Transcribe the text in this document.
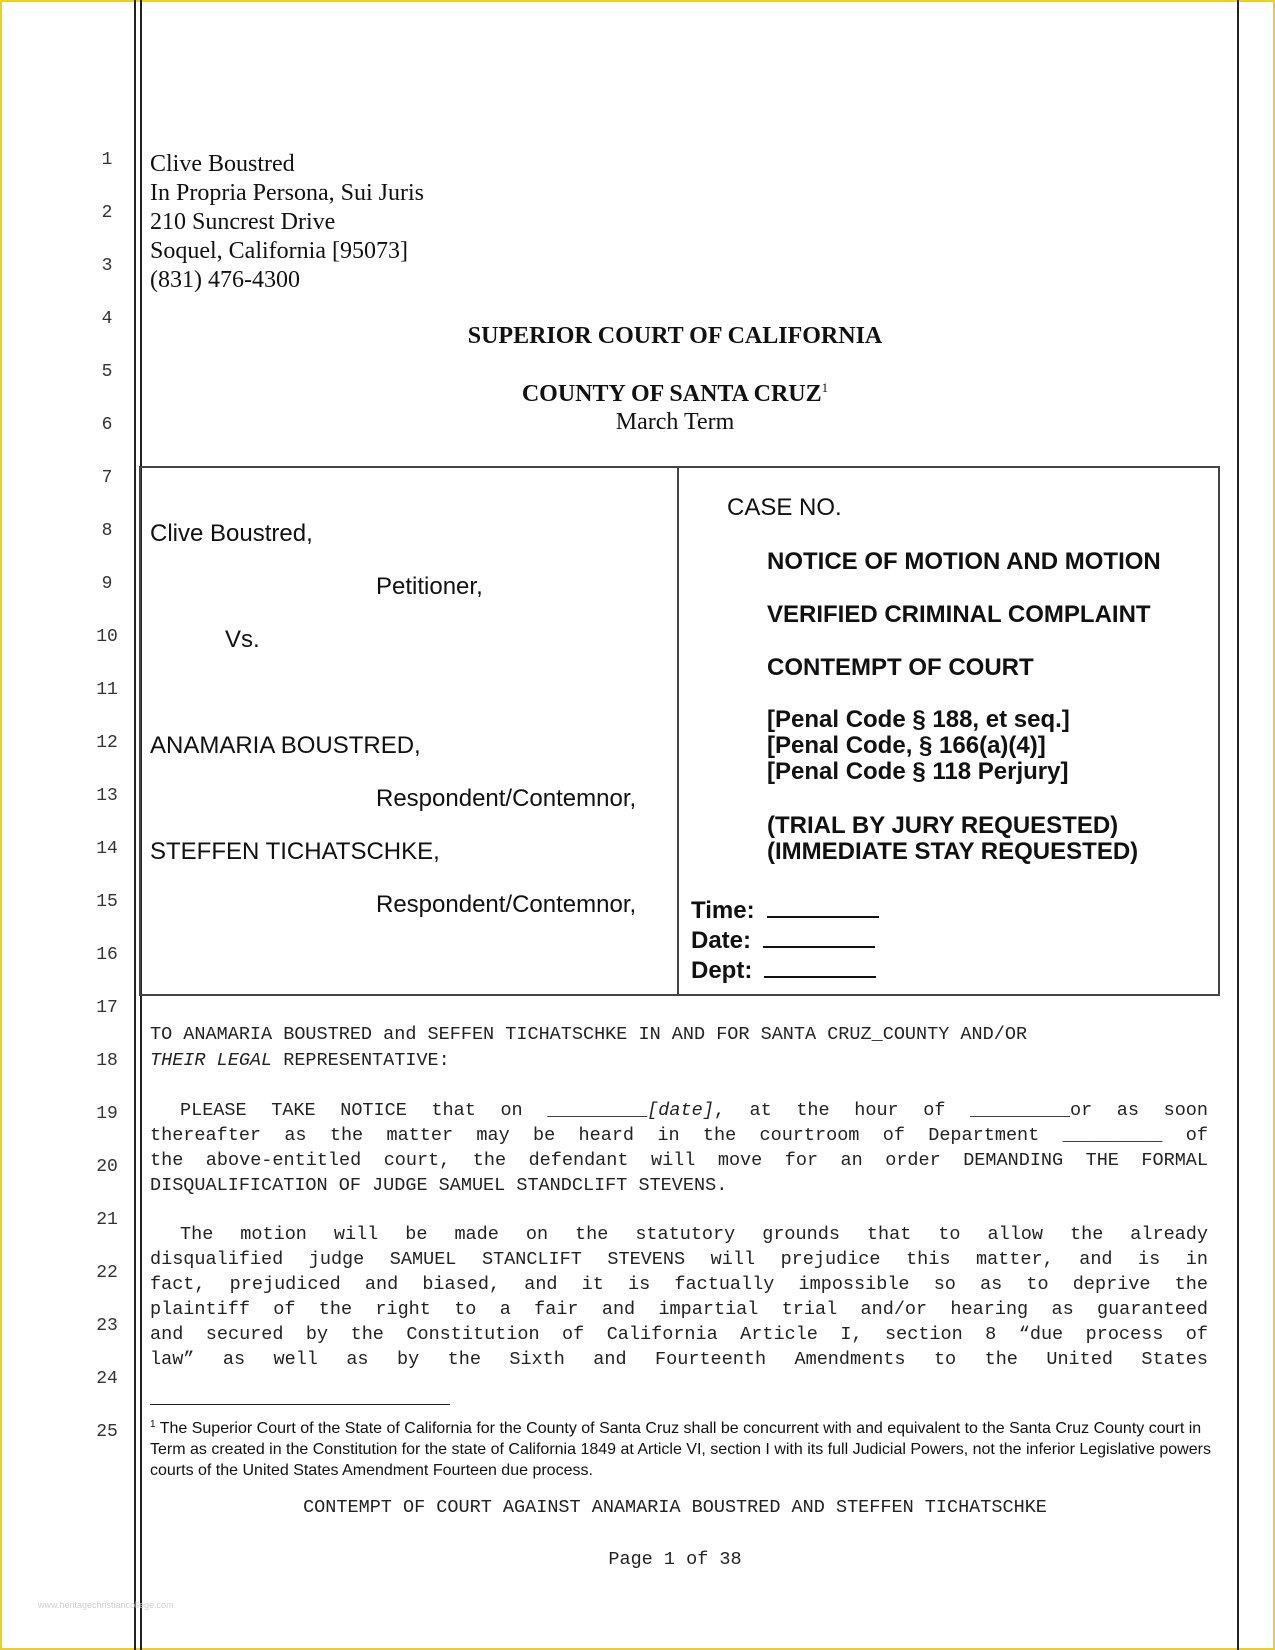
1
2
3
4
5
6
7
8
9
10
11
12
13
14
15
16
17
18
19
20
21
22
23
24
25
Clive Boustred
In Propria Persona, Sui Juris
210 Suncrest Drive
Soquel, California [95073]
(831) 476-4300
SUPERIOR COURT OF CALIFORNIA
COUNTY OF SANTA CRUZ$^1$
March Term
Clive Boustred,
Petitioner,
Vs.
ANAMARIA BOUSTRED,
Respondent/Contemnor,
STEFFEN TICHATSCHKE,
Respondent/Contemnor,
CASE NO.
NOTICE OF MOTION AND MOTION
VERIFIED CRIMINAL COMPLAINT
CONTEMPT OF COURT
[Penal Code § 188, et seq.]
[Penal Code, § 166(a)(4)]
[Penal Code § 118 Perjury]
(TRIAL BY JURY REQUESTED)
(IMMEDIATE STAY REQUESTED)
Time:
Date:
Dept:
TO ANAMARIA BOUSTRED and SEFFEN TICHATSCHKE IN AND FOR SANTA CRUZ_COUNTY AND/OR
THEIR LEGAL REPRESENTATIVE:
PLEASE TAKE NOTICE that on _________[date], at the hour of _________or as soon
thereafter as the matter may be heard in the courtroom of Department _________ of
the above-entitled court, the defendant will move for an order DEMANDING THE FORMAL
DISQUALIFICATION OF JUDGE SAMUEL STANDCLIFT STEVENS.
The motion will be made on the statutory grounds that to allow the already
disqualified judge SAMUEL STANCLIFT STEVENS will prejudice this matter, and is in
fact, prejudiced and biased, and it is factually impossible so as to deprive the
plaintiff of the right to a fair and impartial trial and/or hearing as guaranteed
and secured by the Constitution of California Article I, section 8 “due process of
law” as well as by the Sixth and Fourteenth Amendments to the United States
$^1$ The Superior Court of the State of California for the County of Santa Cruz shall be concurrent with and equivalent to the Santa Cruz County court in Term as created in the Constitution for the state of California 1849 at Article VI, section I with its full Judicial Powers, not the inferior Legislative powers courts of the United States Amendment Fourteen due process.
CONTEMPT OF COURT AGAINST ANAMARIA BOUSTRED AND STEFFEN TICHATSCHKE
Page 1 of 38
www.heritagechristiancollege.com
